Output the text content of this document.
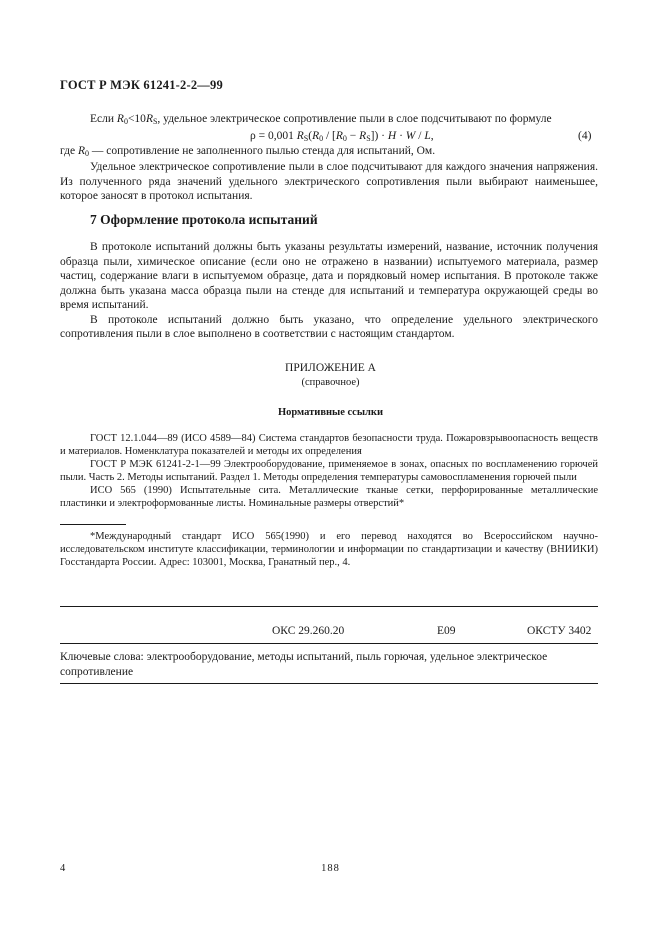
ГОСТ Р МЭК 61241-2-2—99

Если $R_0<10R_S$, удельное электрическое сопротивление пыли в слое подсчитывают по формуле

ρ = 0,001 $R_S(R_0 / [R_0 - R_S]) \cdot H \cdot W / L$,	(4)
где $R_0$ — сопротивление не заполненного пылью стенда для испытаний, Ом.

Удельное электрическое сопротивление пыли в слое подсчитывают для каждого значения напряжения. Из полученного ряда значений удельного электрического сопротивления пыли выбирают наименьшее, которое заносят в протокол испытания.

7 Оформление протокола испытаний

В протоколе испытаний должны быть указаны результаты измерений, название, источник получения образца пыли, химическое описание (если оно не отражено в названии) испытуемого материала, размер частиц, содержание влаги в испытуемом образце, дата и порядковый номер испытания. В протоколе также должна быть указана масса образца пыли на стенде для испытаний и температура окружающей среды во время испытаний.

В протоколе испытаний должно быть указано, что определение удельного электрического сопротивления пыли в слое выполнено в соответствии с настоящим стандартом.

ПРИЛОЖЕНИЕ А
(справочное)
Нормативные ссылки

ГОСТ 12.1.044—89 (ИСО 4589—84) Система стандартов безопасности труда. Пожаровзрывоопасность веществ и материалов. Номенклатура показателей и методы их определения

ГОСТ Р МЭК 61241-2-1—99 Электрооборудование, применяемое в зонах, опасных по воспламенению горючей пыли. Часть 2. Методы испытаний. Раздел 1. Методы определения температуры самовоспламенения горючей пыли

ИСО 565 (1990) Испытательные сита. Металлические тканые сетки, перфорированные металлические пластинки и электроформованные листы. Номинальные размеры отверстий*

*Международный стандарт ИСО 565(1990) и его перевод находятся во Всероссийском научно-исследовательском институте классификации, терминологии и информации по стандартизации и качеству (ВНИИКИ) Госстандарта России. Адрес: 103001, Москва, Гранатный пер., 4.

ОКС 29.260.20	Е09	ОКСТУ 3402

Ключевые слова: электрооборудование, методы испытаний, пыль горючая, удельное электрическое сопротивление

4	188
